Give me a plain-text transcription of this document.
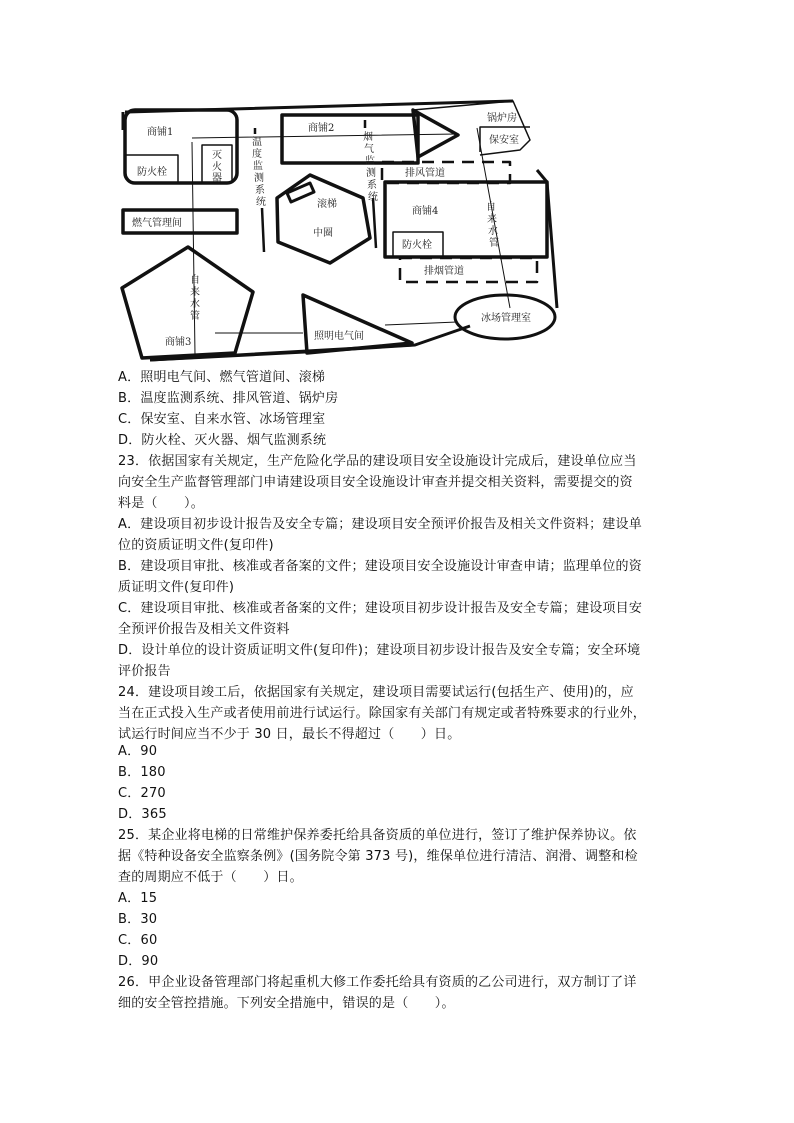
商铺1
防火栓
灭
火
器
燃气管理间
温
度
监
测
系
统
商铺2
烟
气
监
测
系
统
锅炉房
保安室
排风管道
滚梯
中圈
商铺4
防火栓
自
来
水
管
排烟管道
自
来
水
管
商铺3
照明电气间
冰场管理室
A．照明电气间、燃气管道间、滚梯
B．温度监测系统、排风管道、锅炉房
C．保安室、自来水管、冰场管理室
D．防火栓、灭火器、烟气监测系统
23．依据国家有关规定，生产危险化学品的建设项目安全设施设计完成后，建设单位应当
向安全生产监督管理部门申请建设项目安全设施设计审查并提交相关资料，需要提交的资
料是（　　）。
A．建设项目初步设计报告及安全专篇；建设项目安全预评价报告及相关文件资料；建设单
位的资质证明文件(复印件)
B．建设项目审批、核准或者备案的文件；建设项目安全设施设计审查申请；监理单位的资
质证明文件(复印件)
C．建设项目审批、核准或者备案的文件；建设项目初步设计报告及安全专篇；建设项目安
全预评价报告及相关文件资料
D．设计单位的设计资质证明文件(复印件)；建设项目初步设计报告及安全专篇；安全环境
评价报告
24．建设项目竣工后，依据国家有关规定，建设项目需要试运行(包括生产、使用)的，应
当在正式投入生产或者使用前进行试运行。除国家有关部门有规定或者特殊要求的行业外，
试运行时间应当不少于 30 日，最长不得超过（　　）日。
A．90
B．180
C．270
D．365
25．某企业将电梯的日常维护保养委托给具备资质的单位进行，签订了维护保养协议。依
据《特种设备安全监察条例》(国务院令第 373 号)，维保单位进行清洁、润滑、调整和检
查的周期应不低于（　　）日。
A．15
B．30
C．60
D．90
26．甲企业设备管理部门将起重机大修工作委托给具有资质的乙公司进行，双方制订了详
细的安全管控措施。下列安全措施中，错误的是（　　）。
